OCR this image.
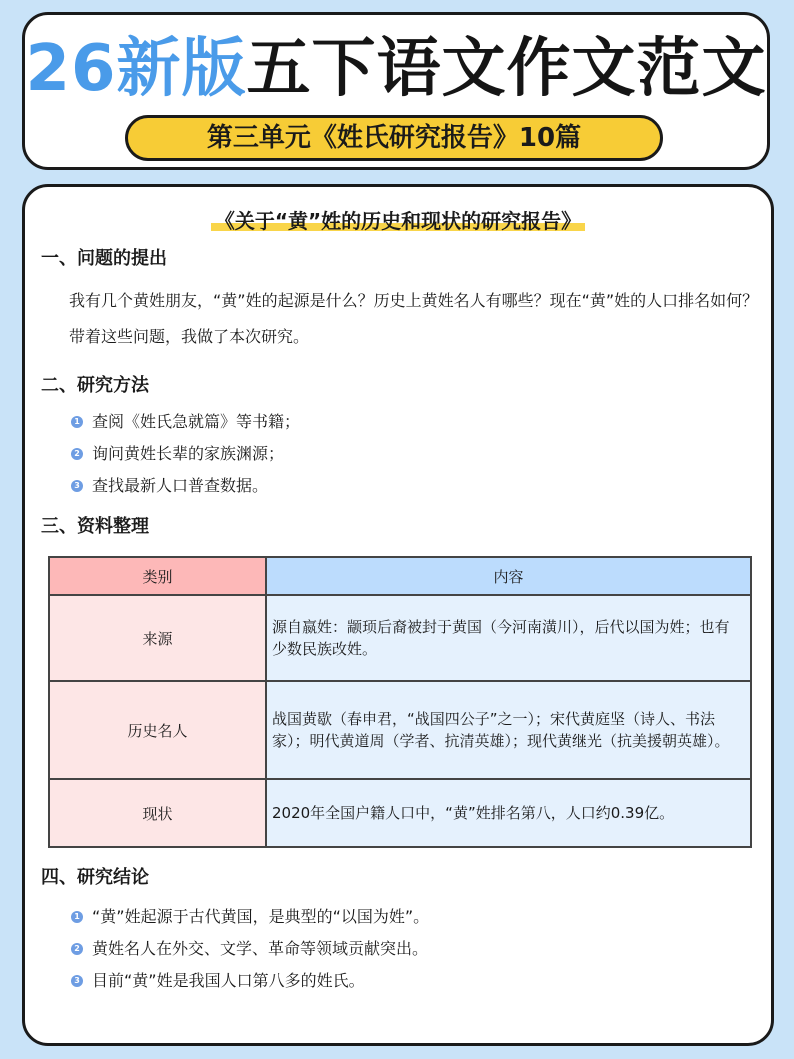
26新版五下语文作文范文
第三单元《姓氏研究报告》10篇
《关于“黄”姓的历史和现状的研究报告》
一、问题的提出
我有几个黄姓朋友，“黄”姓的起源是什么？历史上黄姓名人有哪些？现在“黄”姓的人口排名如何？带着这些问题，我做了本次研究。
二、研究方法
1 查阅《姓氏急就篇》等书籍；
2 询问黄姓长辈的家族渊源；
3 查找最新人口普查数据。
三、资料整理
类别	内容
来源	源自嬴姓：颛顼后裔被封于黄国（今河南潢川），后代以国为姓；也有少数民族改姓。
历史名人	战国黄歇（春申君，“战国四公子”之一）；宋代黄庭坚（诗人、书法家）；明代黄道周（学者、抗清英雄）；现代黄继光（抗美援朝英雄）。
现状	2020年全国户籍人口中，“黄”姓排名第八，人口约0.39亿。
四、研究结论
1 “黄”姓起源于古代黄国，是典型的“以国为姓”。
2 黄姓名人在外交、文学、革命等领域贡献突出。
3 目前“黄”姓是我国人口第八多的姓氏。
